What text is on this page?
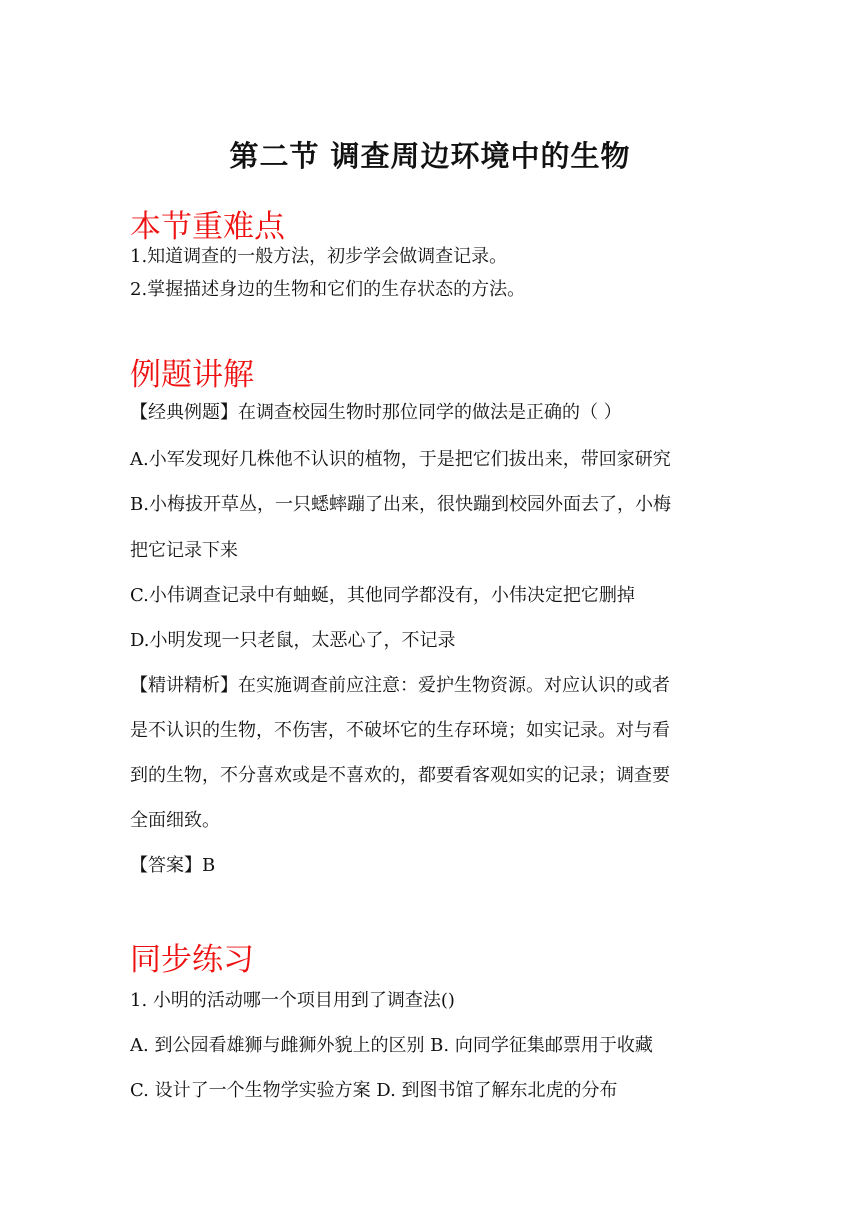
第二节 调查周边环境中的生物
本节重难点
1.知道调查的一般方法，初步学会做调查记录。
2.掌握描述身边的生物和它们的生存状态的方法。
例题讲解
【经典例题】在调查校园生物时那位同学的做法是正确的（ ）
A.小军发现好几株他不认识的植物，于是把它们拔出来，带回家研究
B.小梅拔开草丛，一只蟋蟀蹦了出来，很快蹦到校园外面去了，小梅
把它记录下来
C.小伟调查记录中有蚰蜒，其他同学都没有，小伟决定把它删掉
D.小明发现一只老鼠，太恶心了，不记录
【精讲精析】在实施调查前应注意：爱护生物资源。对应认识的或者
是不认识的生物，不伤害，不破坏它的生存环境；如实记录。对与看
到的生物，不分喜欢或是不喜欢的，都要看客观如实的记录；调查要
全面细致。
【答案】B
同步练习
1. 小明的活动哪一个项目用到了调查法()
A. 到公园看雄狮与雌狮外貌上的区别 B. 向同学征集邮票用于收藏
C. 设计了一个生物学实验方案 D. 到图书馆了解东北虎的分布
